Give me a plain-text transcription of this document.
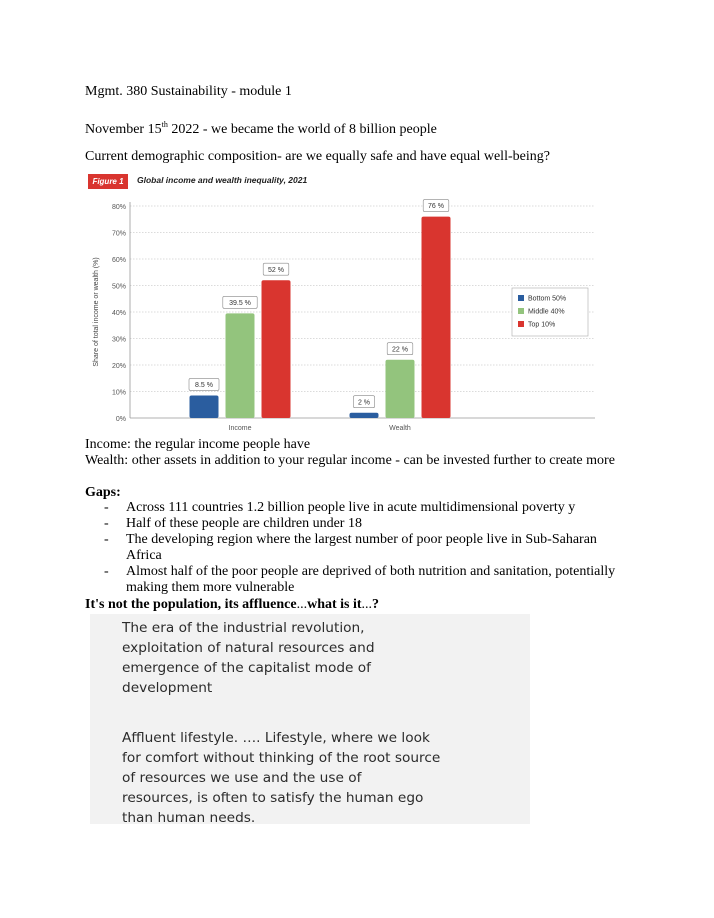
Mgmt. 380 Sustainability - module 1
November 15th 2022 - we became the world of 8 billion people
Current demographic composition- are we equally safe and have equal well-being?
Figure 1	Global income and wealth inequality, 2021
0%
10%
20%
30%
40%
50%
60%
70%
80%
Share of total income or wealth (%)
8.5 %
39.5 %
52 %
Income
2 %
22 %
76 %
Wealth
Bottom 50%
Middle 40%
Top 10%
Income: the regular income people have
Wealth: other assets in addition to your regular income - can be invested further to create more
Gaps:
- Across 111 countries 1.2 billion people live in acute multidimensional poverty y
- Half of these people are children under 18
- The developing region where the largest number of poor people live in Sub-Saharan Africa
- Almost half of the poor people are deprived of both nutrition and sanitation, potentially making them more vulnerable
It's not the population, its affluence...what is it...?
The era of the industrial revolution,
exploitation of natural resources and
emergence of the capitalist mode of
development
Affluent lifestyle. …. Lifestyle, where we look
for comfort without thinking of the root source
of resources we use and the use of
resources, is often to satisfy the human ego
than human needs.
